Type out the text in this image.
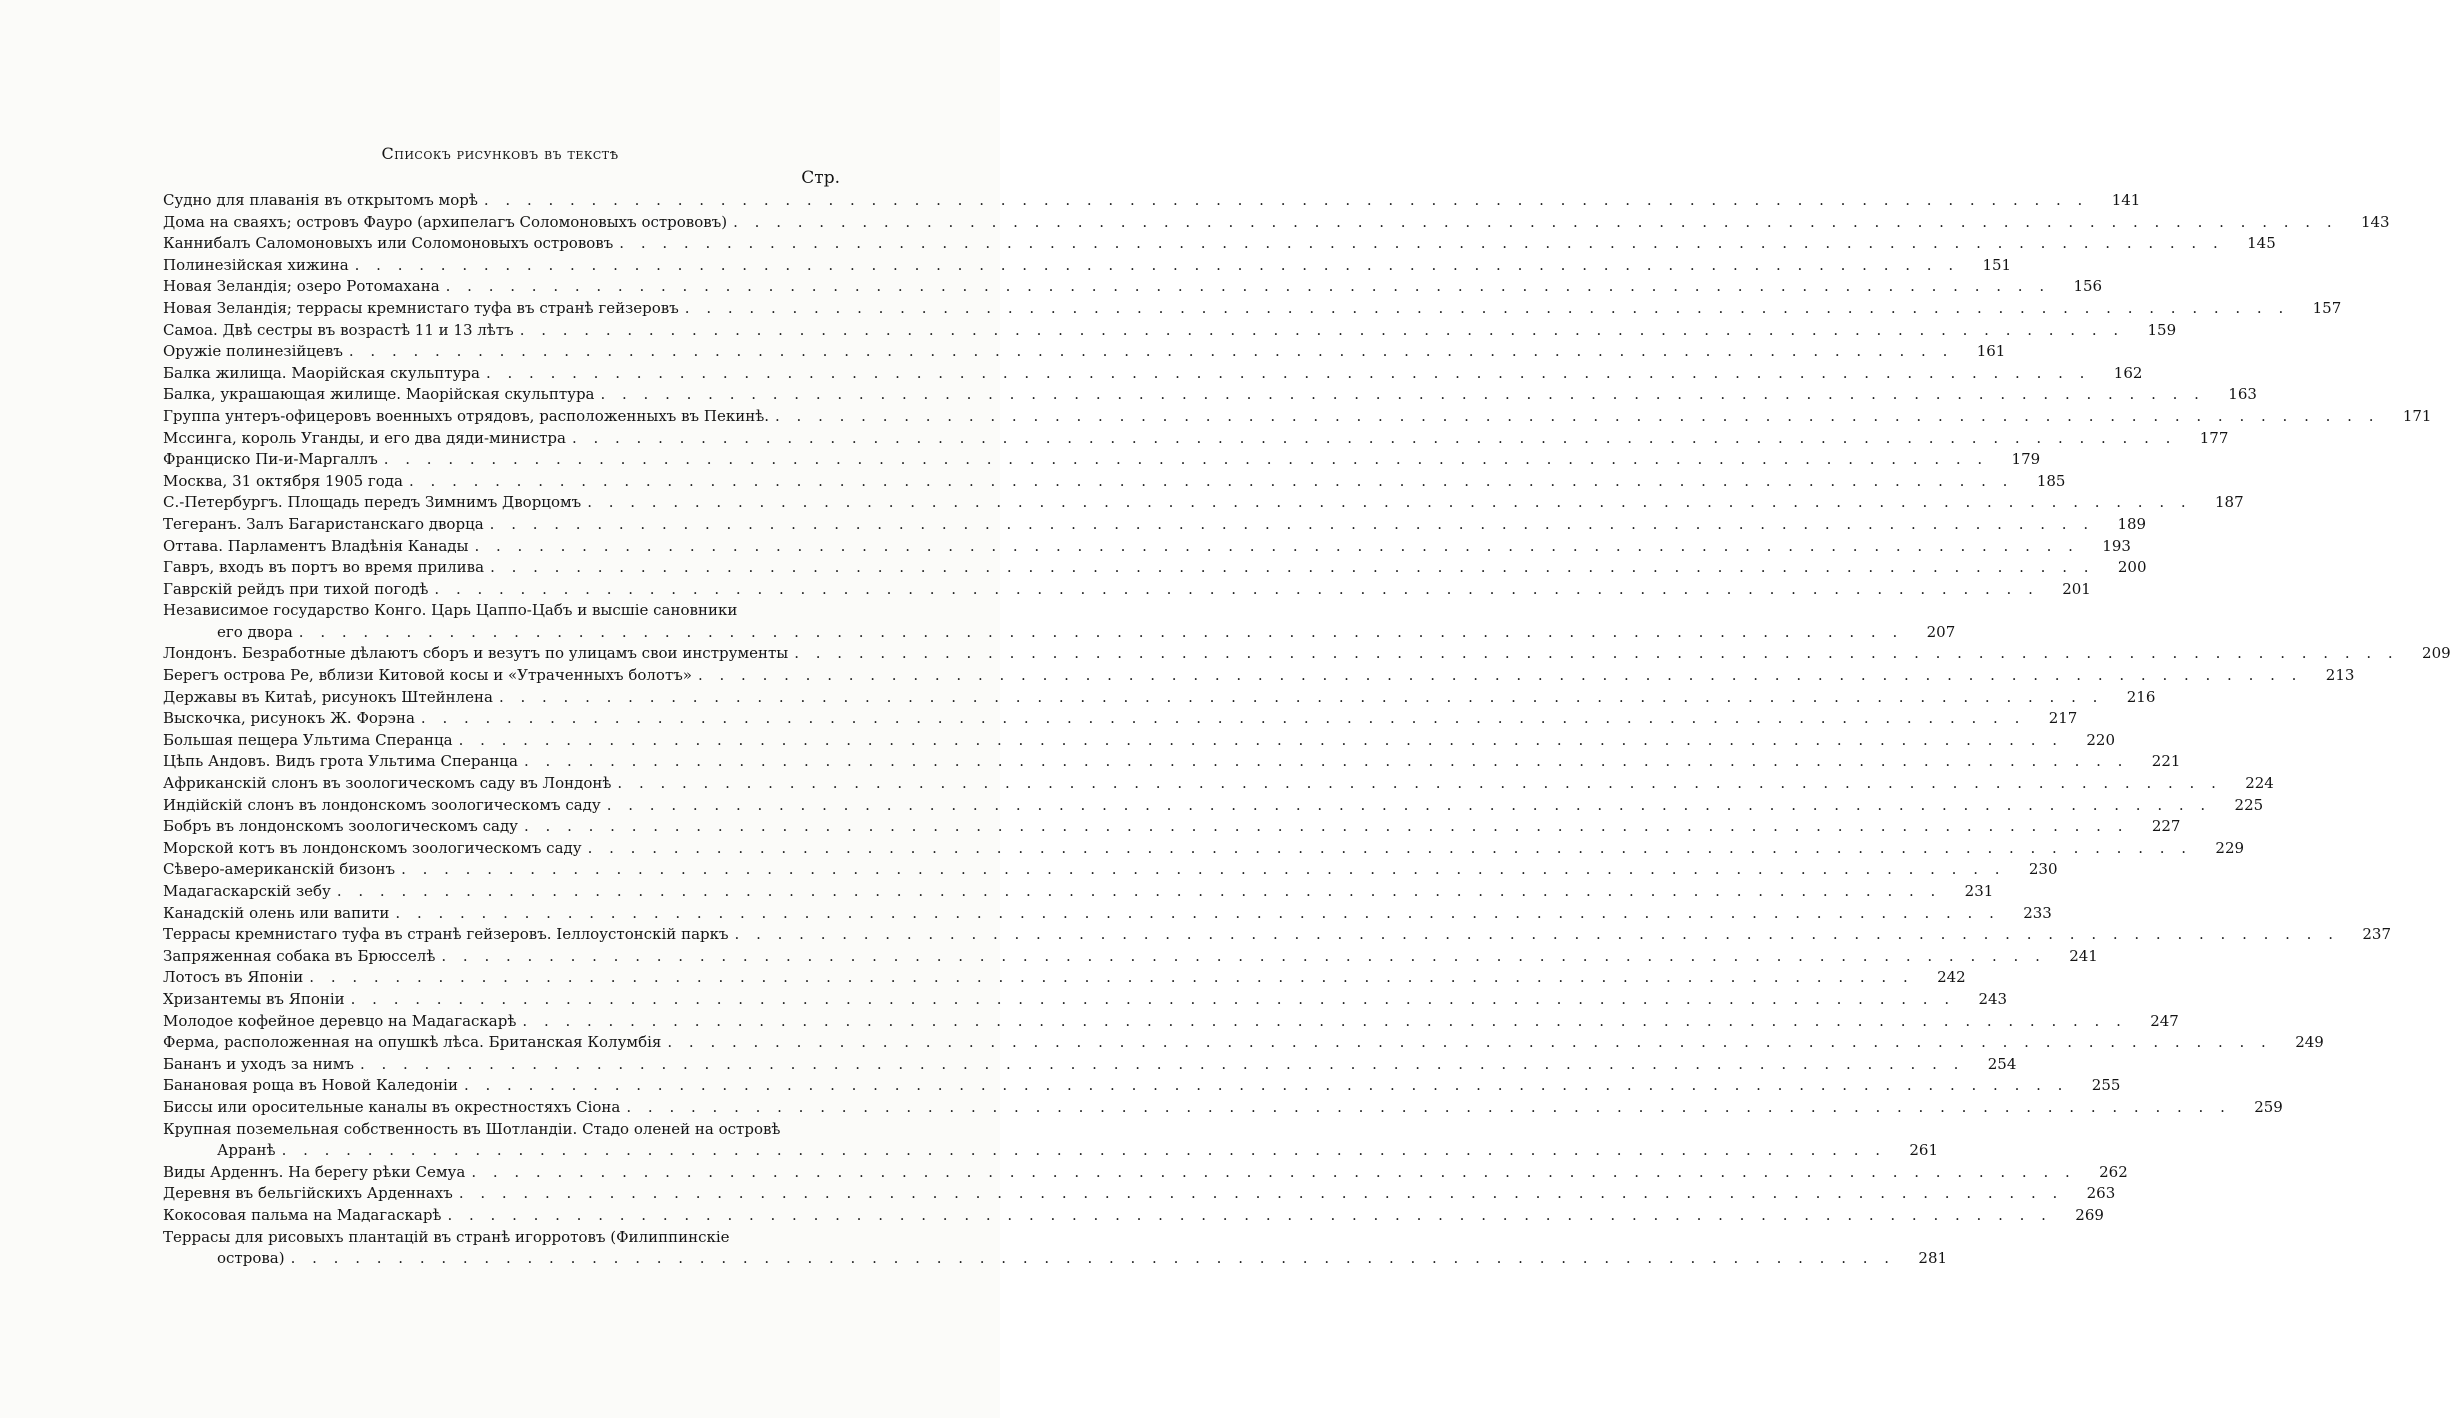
Списокъ рисунковъ въ текстѣ
Стр.
Судно для плаванія въ открытомъ морѣ . . .	141
Дома на сваяхъ; островъ Фауро (архипелагъ Соломоновыхъ острововъ) . . .	143
Каннибалъ Саломоновыхъ или Соломоновыхъ острововъ . . .	145
Полинезійская хижина . . .	151
Новая Зеландія; озеро Ротомахана . . .	156
Новая Зеландія; террасы кремнистаго туфа въ странѣ гейзеровъ . . .	157
Самоа. Двѣ сестры въ возрастѣ 11 и 13 лѣтъ . . .	159
Оружіе полинезійцевъ . . .	161
Балка жилища. Маорійская скульптура . . .	162
Балка, украшающая жилище. Маорійская скульптура . . .	163
Группа унтеръ-офицеровъ военныхъ отрядовъ, расположенныхъ въ Пекинѣ. . . .	171
Мссинга, король Уганды, и его два дяди-министра . . .	177
Франциско Пи-и-Маргаллъ . . .	179
Москва, 31 октября 1905 года . . .	185
С.-Петербургъ. Площадь передъ Зимнимъ Дворцомъ . . .	187
Тегеранъ. Залъ Багаристанскаго дворца . . .	189
Оттава. Парламентъ Владѣнія Канады . . .	193
Гавръ, входъ въ портъ во время прилива . . .	200
Гаврскій рейдъ при тихой погодѣ . . .	201
Независимое государство Конго. Царь Цаппо-Цабъ и высшіе сановники
его двора . . .	207
Лондонъ. Безработные дѣлаютъ сборъ и везутъ по улицамъ свои инструменты . . .	209
Берегъ острова Ре, вблизи Китовой косы и «Утраченныхъ болотъ» . . .	213
Державы въ Китаѣ, рисунокъ Штейнлена . . .	216
Выскочка, рисунокъ Ж. Форэна . . .	217
Большая пещера Ультима Сперанца . . .	220
Цѣпь Андовъ. Видъ грота Ультима Сперанца . . .	221
Африканскій слонъ въ зоологическомъ саду въ Лондонѣ . . .	224
Индійскій слонъ въ лондонскомъ зоологическомъ саду . . .	225
Бобръ въ лондонскомъ зоологическомъ саду . . .	227
Морской котъ въ лондонскомъ зоологическомъ саду . . .	229
Сѣверо-американскій бизонъ . . .	230
Мадагаскарскій зебу . . .	231
Канадскій олень или вапити . . .	233
Террасы кремнистаго туфа въ странѣ гейзеровъ. Іеллоустонскій паркъ . . .	237
Запряженная собака въ Брюсселѣ . . .	241
Лотосъ въ Японіи . . .	242
Хризантемы въ Японіи . . .	243
Молодое кофейное деревцо на Мадагаскарѣ . . .	247
Ферма, расположенная на опушкѣ лѣса. Британская Колумбія . . .	249
Бананъ и уходъ за нимъ . . .	254
Банановая роща въ Новой Каледоніи . . .	255
Биссы или оросительные каналы въ окрестностяхъ Сіона . . .	259
Крупная поземельная собственность въ Шотландіи. Стадо оленей на островѣ
Арранѣ . . .	261
Виды Арденнъ. На берегу рѣки Семуа . . .	262
Деревня въ бельгійскихъ Арденнахъ . . .	263
Кокосовая пальма на Мадагаскарѣ . . .	269
Террасы для рисовыхъ плантацій въ странѣ игорротовъ (Филиппинскіе
острова) . . .	281
